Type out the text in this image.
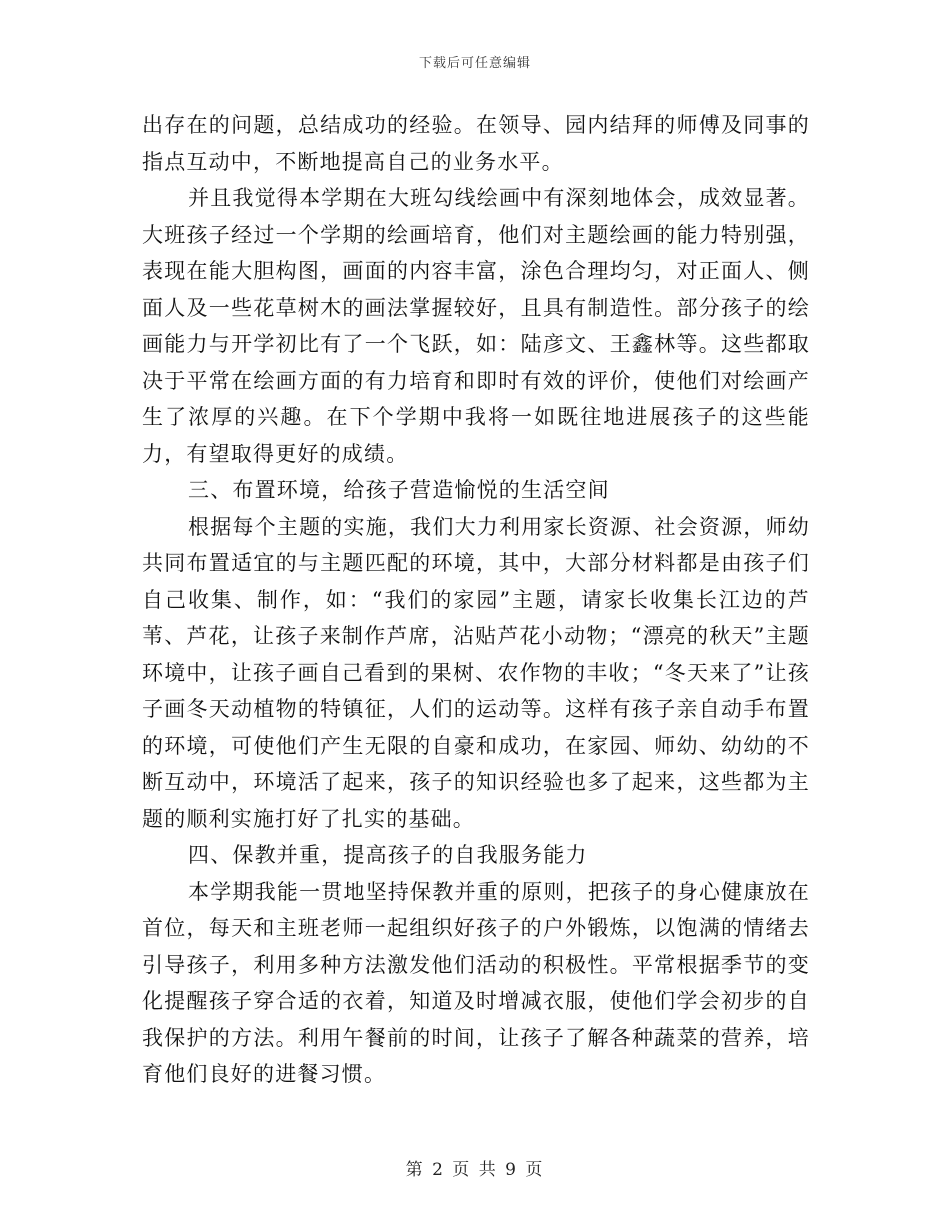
下载后可任意编辑

出存在的问题，总结成功的经验。在领导、园内结拜的师傅及同事的指点互动中，不断地提高自己的业务水平。

并且我觉得本学期在大班勾线绘画中有深刻地体会，成效显著。大班孩子经过一个学期的绘画培育，他们对主题绘画的能力特别强，表现在能大胆构图，画面的内容丰富，涂色合理均匀，对正面人、侧面人及一些花草树木的画法掌握较好，且具有制造性。部分孩子的绘画能力与开学初比有了一个飞跃，如：陆彦文、王鑫林等。这些都取决于平常在绘画方面的有力培育和即时有效的评价，使他们对绘画产生了浓厚的兴趣。在下个学期中我将一如既往地进展孩子的这些能力，有望取得更好的成绩。

三、布置环境，给孩子营造愉悦的生活空间

根据每个主题的实施，我们大力利用家长资源、社会资源，师幼共同布置适宜的与主题匹配的环境，其中，大部分材料都是由孩子们自己收集、制作，如：“我们的家园”主题，请家长收集长江边的芦苇、芦花，让孩子来制作芦席，沾贴芦花小动物；“漂亮的秋天”主题环境中，让孩子画自己看到的果树、农作物的丰收；“冬天来了”让孩子画冬天动植物的特镇征，人们的运动等。这样有孩子亲自动手布置的环境，可使他们产生无限的自豪和成功，在家园、师幼、幼幼的不断互动中，环境活了起来，孩子的知识经验也多了起来，这些都为主题的顺利实施打好了扎实的基础。

四、保教并重，提高孩子的自我服务能力

本学期我能一贯地坚持保教并重的原则，把孩子的身心健康放在首位，每天和主班老师一起组织好孩子的户外锻炼，以饱满的情绪去引导孩子，利用多种方法激发他们活动的积极性。平常根据季节的变化提醒孩子穿合适的衣着，知道及时增减衣服，使他们学会初步的自我保护的方法。利用午餐前的时间，让孩子了解各种蔬菜的营养，培育他们良好的进餐习惯。

第 2 页 共 9 页
